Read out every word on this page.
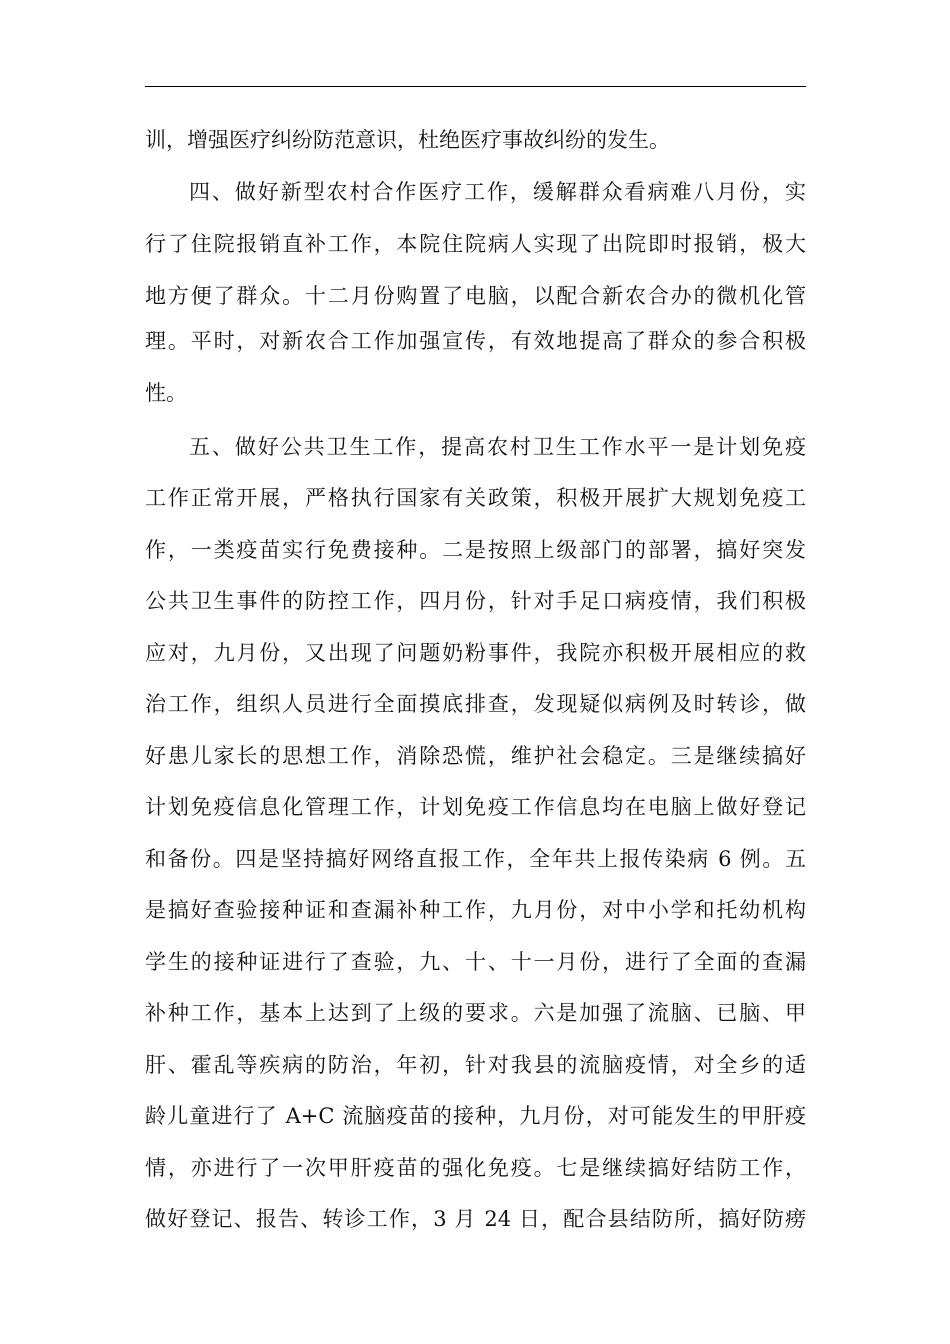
训，增强医疗纠纷防范意识，杜绝医疗事故纠纷的发生。
四、做好新型农村合作医疗工作，缓解群众看病难八月份，实
行了住院报销直补工作，本院住院病人实现了出院即时报销，极大
地方便了群众。十二月份购置了电脑，以配合新农合办的微机化管
理。平时，对新农合工作加强宣传，有效地提高了群众的参合积极
性。
五、做好公共卫生工作，提高农村卫生工作水平一是计划免疫
工作正常开展，严格执行国家有关政策，积极开展扩大规划免疫工
作，一类疫苗实行免费接种。二是按照上级部门的部署，搞好突发
公共卫生事件的防控工作，四月份，针对手足口病疫情，我们积极
应对，九月份，又出现了问题奶粉事件，我院亦积极开展相应的救
治工作，组织人员进行全面摸底排查，发现疑似病例及时转诊，做
好患儿家长的思想工作，消除恐慌，维护社会稳定。三是继续搞好
计划免疫信息化管理工作，计划免疫工作信息均在电脑上做好登记
和备份。四是坚持搞好网络直报工作，全年共上报传染病 6 例。五
是搞好查验接种证和查漏补种工作，九月份，对中小学和托幼机构
学生的接种证进行了查验，九、十、十一月份，进行了全面的查漏
补种工作，基本上达到了上级的要求。六是加强了流脑、已脑、甲
肝、霍乱等疾病的防治，年初，针对我县的流脑疫情，对全乡的适
龄儿童进行了 A+C 流脑疫苗的接种，九月份，对可能发生的甲肝疫
情，亦进行了一次甲肝疫苗的强化免疫。七是继续搞好结防工作，
做好登记、报告、转诊工作，3 月 24 日，配合县结防所，搞好防痨
